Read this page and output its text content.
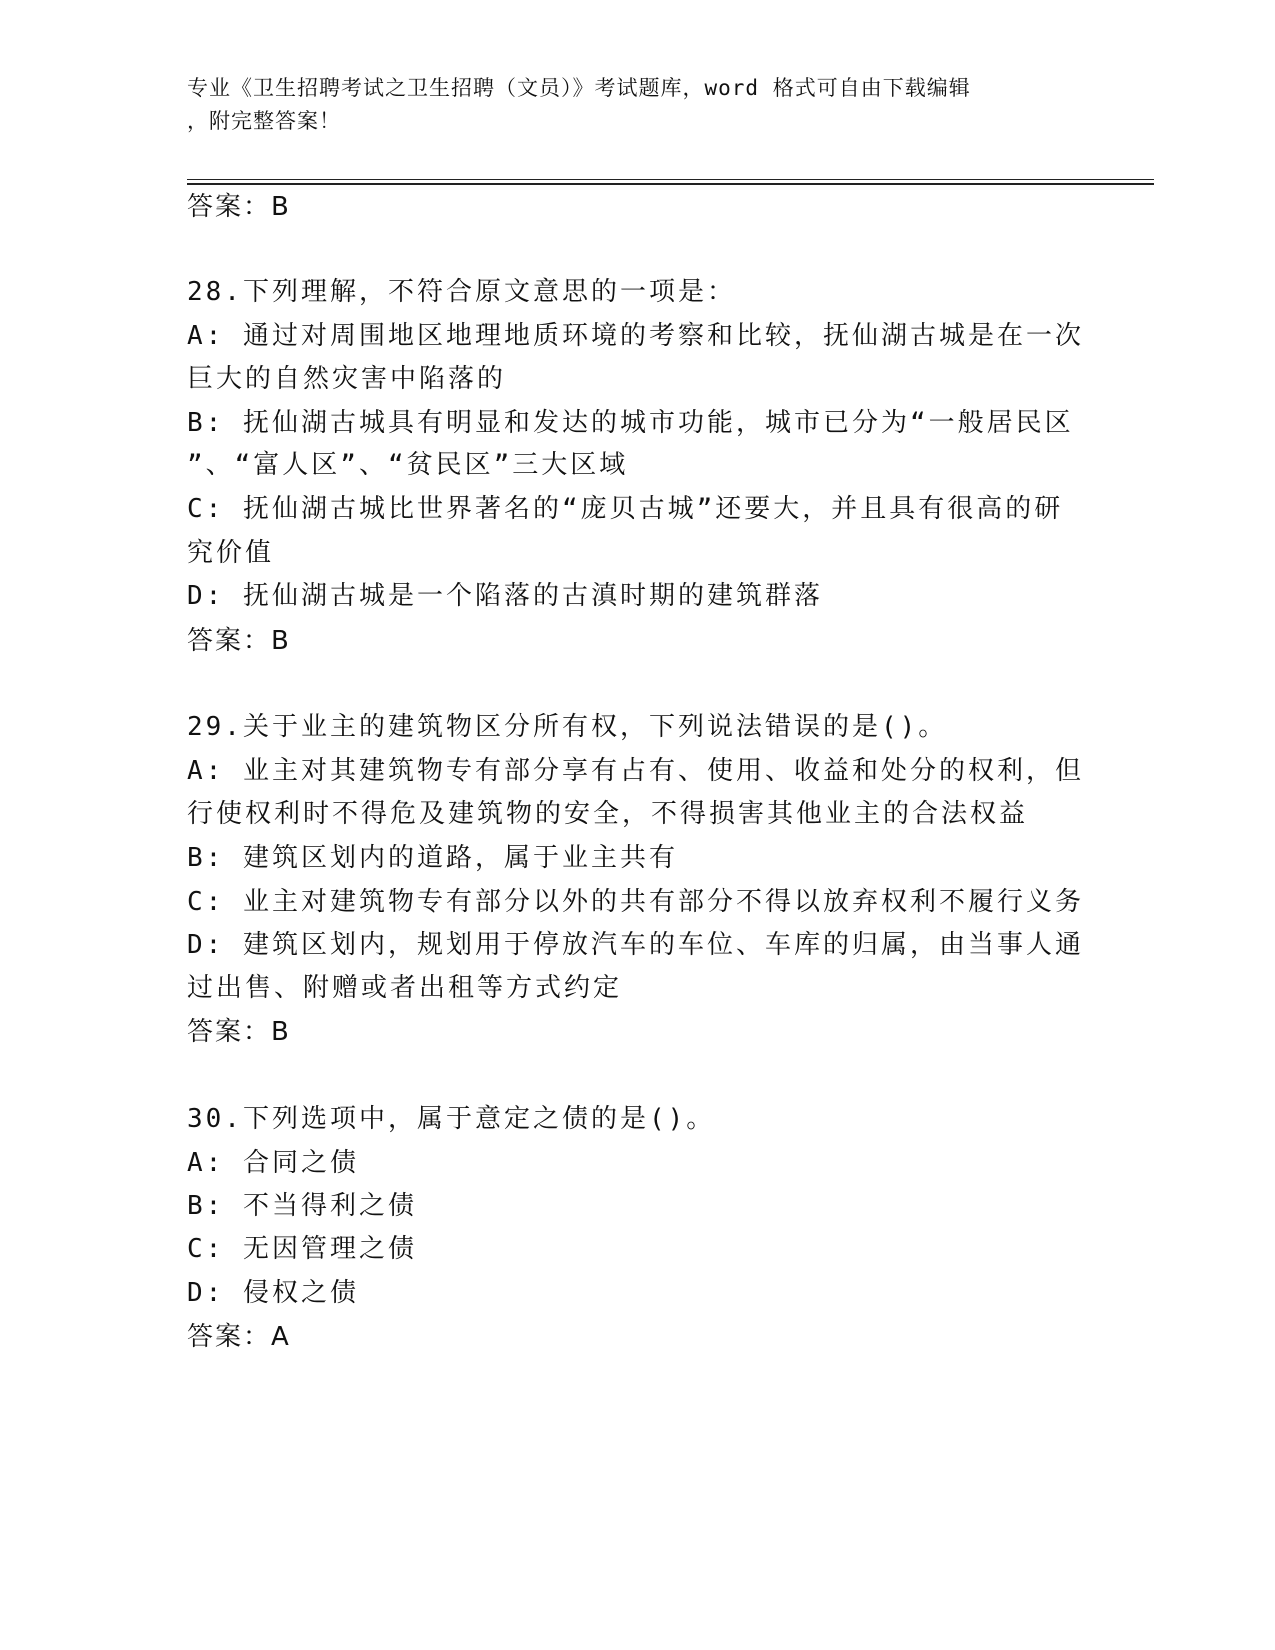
专业《卫生招聘考试之卫生招聘（文员）》考试题库，word 格式可自由下载编辑
，附完整答案！
答案：B
28.下列理解，不符合原文意思的一项是：
A: 通过对周围地区地理地质环境的考察和比较，抚仙湖古城是在一次
巨大的自然灾害中陷落的
B: 抚仙湖古城具有明显和发达的城市功能，城市已分为“一般居民区
”、“富人区”、“贫民区”三大区域
C: 抚仙湖古城比世界著名的“庞贝古城”还要大，并且具有很高的研
究价值
D: 抚仙湖古城是一个陷落的古滇时期的建筑群落
答案：B
29.关于业主的建筑物区分所有权，下列说法错误的是()。
A: 业主对其建筑物专有部分享有占有、使用、收益和处分的权利，但
行使权利时不得危及建筑物的安全，不得损害其他业主的合法权益
B: 建筑区划内的道路，属于业主共有
C: 业主对建筑物专有部分以外的共有部分不得以放弃权利不履行义务
D: 建筑区划内，规划用于停放汽车的车位、车库的归属，由当事人通
过出售、附赠或者出租等方式约定
答案：B
30.下列选项中，属于意定之债的是()。
A: 合同之债
B: 不当得利之债
C: 无因管理之债
D: 侵权之债
答案：A
